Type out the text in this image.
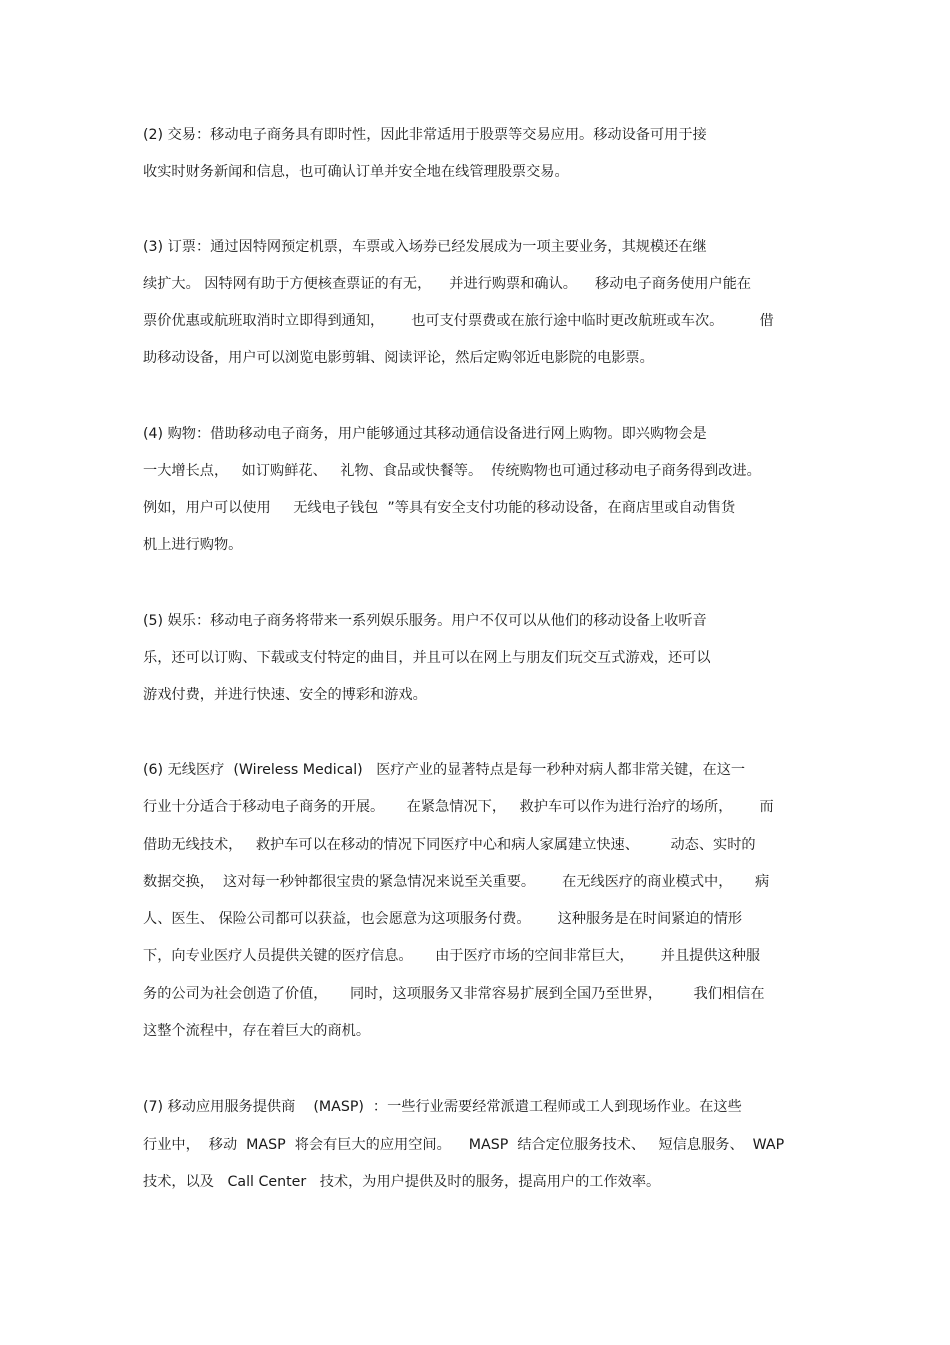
(2) 交易：移动电子商务具有即时性，因此非常适用于股票等交易应用。移动设备可用于接
收实时财务新闻和信息，也可确认订单并安全地在线管理股票交易。
(3) 订票：通过因特网预定机票，车票或入场券已经发展成为一项主要业务，其规模还在继
续扩大。 因特网有助于方便核查票证的有无，    并进行购票和确认。    移动电子商务使用户能在
票价优惠或航班取消时立即得到通知，      也可支付票费或在旅行途中临时更改航班或车次。        借
助移动设备，用户可以浏览电影剪辑、阅读评论，然后定购邻近电影院的电影票。
(4) 购物：借助移动电子商务，用户能够通过其移动通信设备进行网上购物。即兴购物会是
一大增长点，   如订购鲜花、   礼物、食品或快餐等。  传统购物也可通过移动电子商务得到改进。
例如，用户可以使用     无线电子钱包  ”等具有安全支付功能的移动设备，在商店里或自动售货
机上进行购物。
(5) 娱乐：移动电子商务将带来一系列娱乐服务。用户不仅可以从他们的移动设备上收听音
乐，还可以订购、下载或支付特定的曲目，并且可以在网上与朋友们玩交互式游戏，还可以
游戏付费，并进行快速、安全的博彩和游戏。
(6) 无线医疗  (Wireless Medical)   医疗产业的显著特点是每一秒种对病人都非常关键，在这一
行业十分适合于移动电子商务的开展。     在紧急情况下，   救护车可以作为进行治疗的场所，      而
借助无线技术，   救护车可以在移动的情况下同医疗中心和病人家属建立快速、       动态、实时的
数据交换，  这对每一秒钟都很宝贵的紧急情况来说至关重要。      在无线医疗的商业模式中，     病
人、医生、 保险公司都可以获益，也会愿意为这项服务付费。      这种服务是在时间紧迫的情形
下，向专业医疗人员提供关键的医疗信息。     由于医疗市场的空间非常巨大，      并且提供这种服
务的公司为社会创造了价值，     同时，这项服务又非常容易扩展到全国乃至世界，       我们相信在
这整个流程中，存在着巨大的商机。
(7) 移动应用服务提供商    (MASP)  ：一些行业需要经常派遣工程师或工人到现场作业。在这些
行业中，  移动  MASP  将会有巨大的应用空间。    MASP  结合定位服务技术、   短信息服务、  WAP
技术，以及   Call Center   技术，为用户提供及时的服务，提高用户的工作效率。
